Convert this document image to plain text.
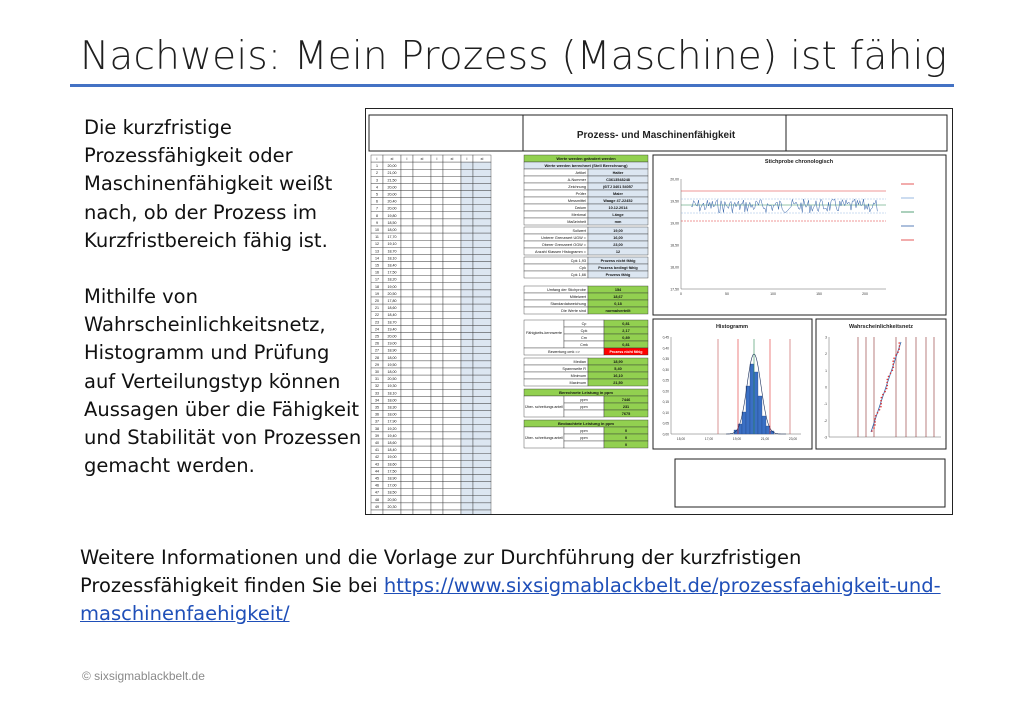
Nachweis: Mein Prozess (Maschine) ist fähig

Die kurzfristige Prozessfähigkeit oder Maschinenfähigkeit weißt nach, ob der Prozess im Kurzfristbereich fähig ist.

Mithilfe von Wahrscheinlichkeitsnetz, Histogramm und Prüfung auf Verteilungstyp können Aussagen über die Fähigkeit und Stabilität von Prozessen gemacht werden.

Prozess- und Maschinenfähigkeit
i	xi	i	xi	i	xi	i	xi
1	20,00
2	21,00
3	21,50
4	20,00
5	20,00
6	20,40
7	20,00
8	19,80
9	18,50
10 18,00
11 17,70
12 19,10
13 18,70
14 18,10
15 18,40
16 17,50
17 18,20
18 19,00
19 20,50
20 17,80
21 18,60
22 18,40
23 18,70
24 19,40
25 20,00
26 19,00
27 18,90
28 18,00
29 19,50
30 18,00
31 20,50
32 19,30
33 18,10
34 18,00
35 18,30
36 18,00
37 17,90
38 19,20
39 19,40
40 18,60
41 18,40
42 19,00
43 18,60
44 17,50
45 18,90
46 17,00
47 18,50
48 20,50
49 20,30
Werte werden geändert werden
Werte werden berechnet (Stell Berechnung)
Artikel	Halter
A-Nummer	C3613548248
Zeichnung	(6ITJ 3401 54057
Prüfer	Maier
Messmittel	Waage 47-22452
Datum	10.12.2014
Merkmal	Länge
Maßeinheit	mm
Sollwert	19,00
Unterer Grenzwert UGW =	16,00
Oberer Grenzwert OGW =	23,00
Anzahl Klassen Histogramm =	12
Cpk 1,93	Prozess nicht fähig
Cpk	Prozess bedingt fähig
Cpk 1,66	Prozess fähig
Umfang der Stichprobe	154
Mittelwert	18,67
Standardabweichung	0,18
Die Werte sind	normalverteilt
Fähigkeits-kennwerte
Cp	0,81
Cpk	2,17
Cm	0,89
Cmk	0,81
Bewertung cmk =>	Prozess nicht fähig
Median	18,90
Spannweite R	5,40
Minimum	16,10
Maximum	21,50
Berechnete Leistung in ppm
Über- schreitungs anteil
ppm	7446
ppm	231
7675
Beobachtete Leistung in ppm
Über- schreitungs anteil
ppm	0
ppm	0
0
Stichprobe chronologisch
17,50
18,00
18,50
19,00
19,50
20,00
0	50	100	150	200
Histogramm
0,45
0,40
0,35
0,30
0,25
0,20
0,15
0,10
0,05
0,00
15,00	17,00	19,00	21,00	23,00
Wahrscheinlichkeitsnetz
3
2
1
0
-1
-2
-3
Weitere Informationen und die Vorlage zur Durchführung der kurzfristigen Prozessfähigkeit finden Sie bei https://www.sixsigmablackbelt.de/prozessfaehigkeit-und-maschinenfaehigkeit/
© sixsigmablackbelt.de
